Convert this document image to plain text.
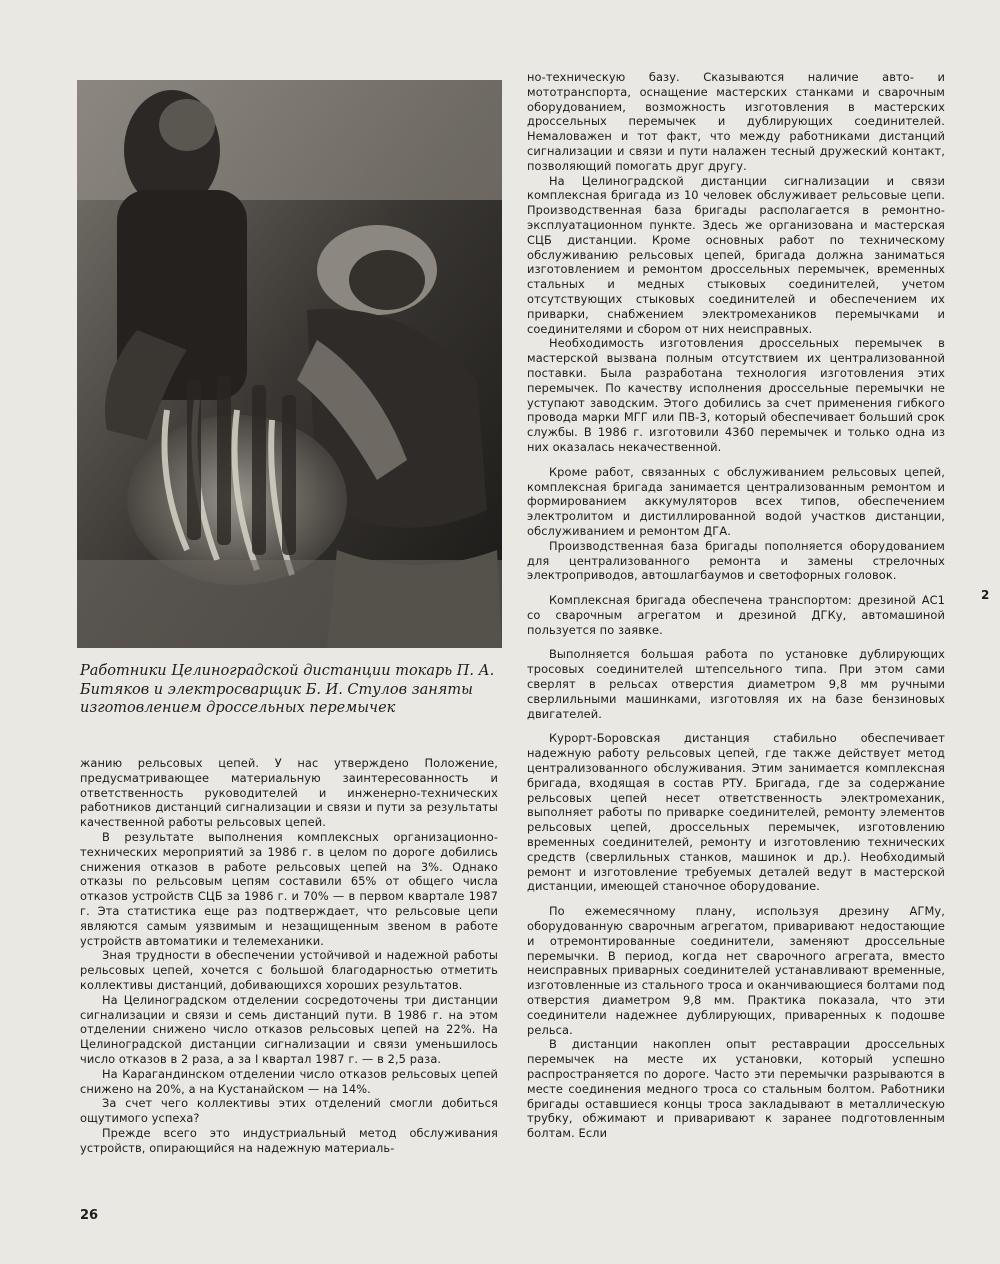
Работники Целиноградской дистанции токарь П. А. Битяков и электросварщик Б. И. Стулов заняты изготовлением дроссельных перемычек

но-техническую базу. Сказываются наличие авто- и мототранспорта, оснащение мастерских станками и сварочным оборудованием, возможность изготовления в мастерских дроссельных перемычек и дублирующих соединителей. Немаловажен и тот факт, что между работниками дистанций сигнализации и связи и пути налажен тесный дружеский контакт, позволяющий помогать друг другу.

На Целиноградской дистанции сигнализации и связи комплексная бригада из 10 человек обслуживает рельсовые цепи. Производственная база бригады располагается в ремонтно-эксплуатационном пункте. Здесь же организована и мастерская СЦБ дистанции. Кроме основных работ по техническому обслуживанию рельсовых цепей, бригада должна заниматься изготовлением и ремонтом дроссельных перемычек, временных стальных и медных стыковых соединителей, учетом отсутствующих стыковых соединителей и обеспечением их приварки, снабжением электромехаников перемычками и соединителями и сбором от них неисправных.

Необходимость изготовления дроссельных перемычек в мастерской вызвана полным отсутствием их централизованной поставки. Была разработана технология изготовления этих перемычек. По качеству исполнения дроссельные перемычки не уступают заводским. Этого добились за счет применения гибкого провода марки МГГ или ПВ-3, который обеспечивает больший срок службы. В 1986 г. изготовили 4360 перемычек и только одна из них оказалась некачественной.

Кроме работ, связанных с обслуживанием рельсовых цепей, комплексная бригада занимается централизованным ремонтом и формированием аккумуляторов всех типов, обеспечением электролитом и дистиллированной водой участков дистанции, обслуживанием и ремонтом ДГА.

Производственная база бригады пополняется оборудованием для централизованного ремонта и замены стрелочных электроприводов, автошлагбаумов и светофорных головок.

Комплексная бригада обеспечена транспортом: дрезиной АС1 со сварочным агрегатом и дрезиной ДГКу, автомашиной пользуется по заявке.

Выполняется большая работа по установке дублирующих тросовых соединителей штепсельного типа. При этом сами сверлят в рельсах отверстия диаметром 9,8 мм ручными сверлильными машинками, изготовляя их на базе бензиновых двигателей.

Курорт-Боровская дистанция стабильно обеспечивает надежную работу рельсовых цепей, где также действует метод централизованного обслуживания. Этим занимается комплексная бригада, входящая в состав РТУ. Бригада, где за содержание рельсовых цепей несет ответственность электромеханик, выполняет работы по приварке соединителей, ремонту элементов рельсовых цепей, дроссельных перемычек, изготовлению временных соединителей, ремонту и изготовлению технических средств (сверлильных станков, машинок и др.). Необходимый ремонт и изготовление требуемых деталей ведут в мастерской дистанции, имеющей станочное оборудование.

По ежемесячному плану, используя дрезину АГМу, оборудованную сварочным агрегатом, приваривают недостающие и отремонтированные соединители, заменяют дроссельные перемычки. В период, когда нет сварочного агрегата, вместо неисправных приварных соединителей устанавливают временные, изготовленные из стального троса и оканчивающиеся болтами под отверстия диаметром 9,8 мм. Практика показала, что эти соединители надежнее дублирующих, приваренных к подошве рельса.

В дистанции накоплен опыт реставрации дроссельных перемычек на месте их установки, который успешно распространяется по дороге. Часто эти перемычки разрываются в месте соединения медного троса со стальным болтом. Работники бригады оставшиеся концы троса закладывают в металлическую трубку, обжимают и приваривают к заранее подготовленным болтам. Если

жанию рельсовых цепей. У нас утверждено Положение, предусматривающее материальную заинтересованность и ответственность руководителей и инженерно-технических работников дистанций сигнализации и связи и пути за результаты качественной работы рельсовых цепей.

В результате выполнения комплексных организационно-технических мероприятий за 1986 г. в целом по дороге добились снижения отказов в работе рельсовых цепей на 3%. Однако отказы по рельсовым цепям составили 65% от общего числа отказов устройств СЦБ за 1986 г. и 70% — в первом квартале 1987 г. Эта статистика еще раз подтверждает, что рельсовые цепи являются самым уязвимым и незащищенным звеном в работе устройств автоматики и телемеханики.

Зная трудности в обеспечении устойчивой и надежной работы рельсовых цепей, хочется с большой благодарностью отметить коллективы дистанций, добивающихся хороших результатов.

На Целиноградском отделении сосредоточены три дистанции сигнализации и связи и семь дистанций пути. В 1986 г. на этом отделении снижено число отказов рельсовых цепей на 22%. На Целиноградской дистанции сигнализации и связи уменьшилось число отказов в 2 раза, а за I квартал 1987 г. — в 2,5 раза.

На Карагандинском отделении число отказов рельсовых цепей снижено на 20%, а на Кустанайском — на 14%.

За счет чего коллективы этих отделений смогли добиться ощутимого успеха?

Прежде всего это индустриальный метод обслуживания устройств, опирающийся на надежную материаль-

26

2
